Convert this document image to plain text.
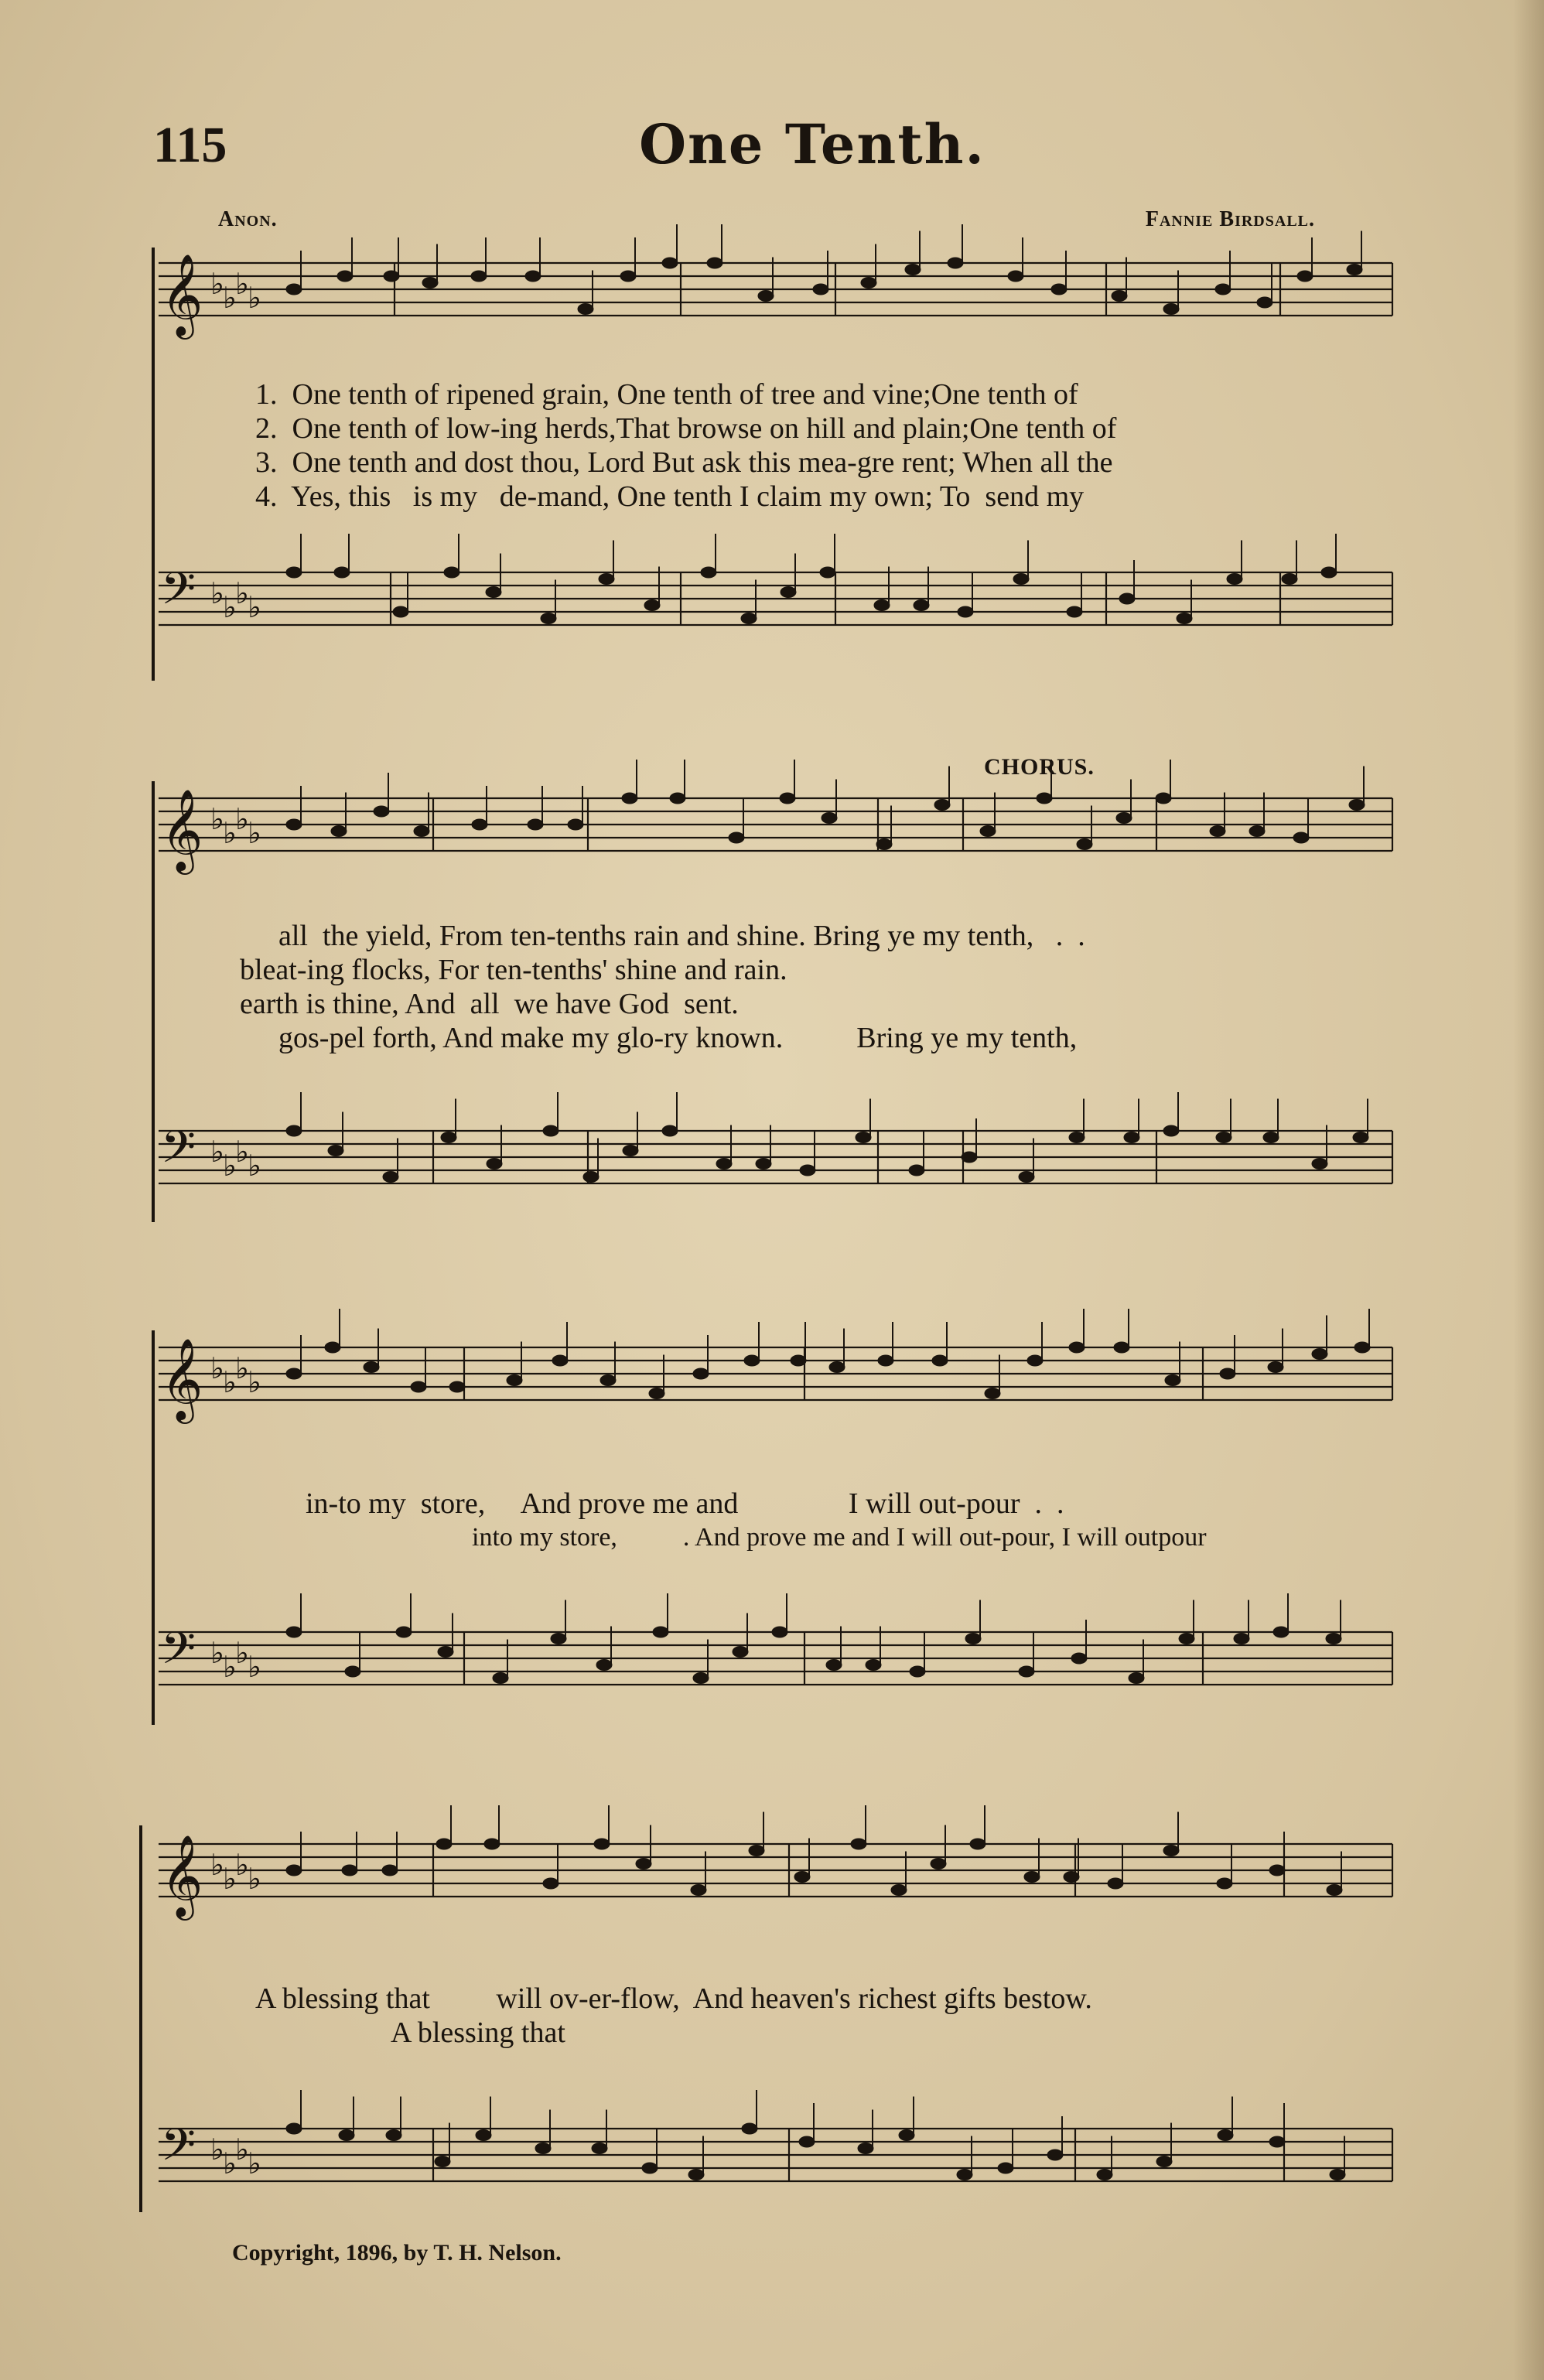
115	One Tenth.
Anon.	Fannie Birdsall.
𝄞 ♭
♭
♭
♭
𝄢 ♭
♭
♭
♭
𝄞 ♭
♭
♭
♭
𝄢 ♭
♭
♭
♭
𝄞 ♭
♭
♭
♭
𝄢 ♭
♭
♭
♭
𝄞 ♭
♭
♭
♭
𝄢 ♭
♭
♭
♭
1.  One tenth of ripened grain, One tenth of tree and vine;One tenth of
2.  One tenth of low-ing herds,That browse on hill and plain;One tenth of
3.  One tenth and dost thou, Lord But ask this mea-gre rent; When all the
4.  Yes, this   is my   de-mand, One tenth I claim my own; To  send my
CHORUS.
all  the yield, From ten-tenths rain and shine. Bring ye my tenth,   .  .
bleat-ing flocks, For ten-tenths' shine and rain.
earth is thine, And  all  we have God  sent.
gos-pel forth, And make my glo-ry known.          Bring ye my tenth,
in-to my  store,     And prove me and               I will out-pour  .  .
into my store,          . And prove me and I will out-pour, I will outpour
A blessing that         will ov-er-flow,  And heaven's richest gifts bestow.
A blessing that
Copyright, 1896, by T. H. Nelson.
